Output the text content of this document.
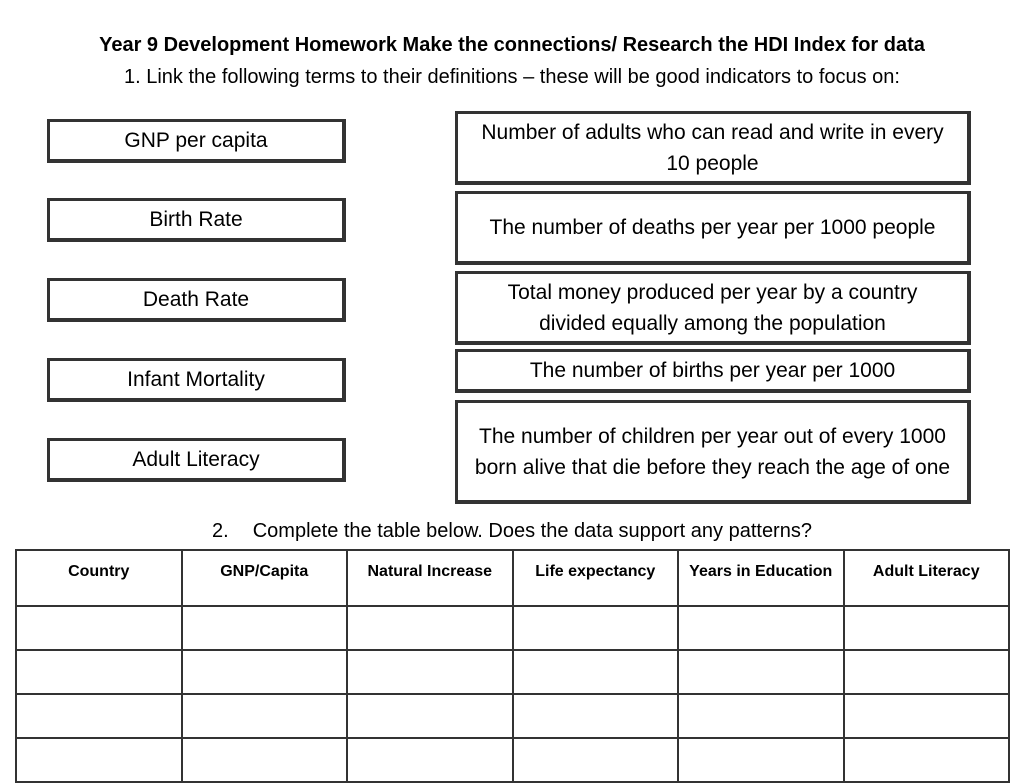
Year 9 Development Homework Make the connections/ Research the HDI Index for data
1. Link the following terms to their definitions – these will be good indicators to focus on:
GNP per capita
Birth Rate
Death Rate
Infant Mortality
Adult Literacy
Number of adults who can read and write in every 10 people
The number of deaths per year per 1000 people
Total money produced per year by a country divided equally among the population
The number of births per year per 1000
The number of children per year out of every 1000 born alive that die before they reach the age of one
2. Complete the table below. Does the data support any patterns?
Country	GNP/Capita	Natural Increase	Life expectancy	Years in Education	Adult Literacy
